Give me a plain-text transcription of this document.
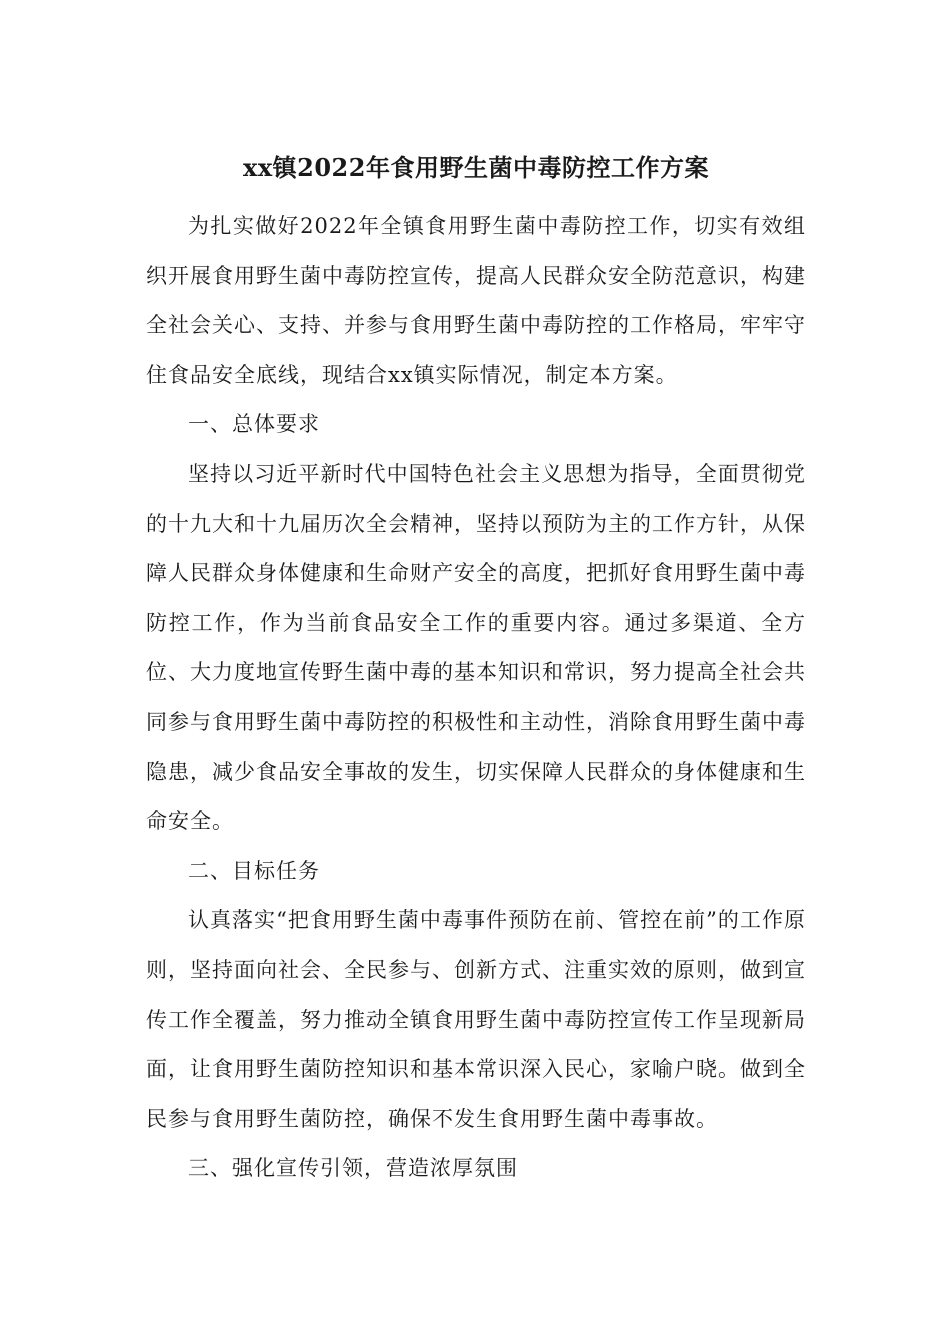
xx镇2022年食用野生菌中毒防控工作方案

为扎实做好2022年全镇食用野生菌中毒防控工作，切实有效组织开展食用野生菌中毒防控宣传，提高人民群众安全防范意识，构建全社会关心、支持、并参与食用野生菌中毒防控的工作格局，牢牢守住食品安全底线，现结合xx镇实际情况，制定本方案。

一、总体要求

坚持以习近平新时代中国特色社会主义思想为指导，全面贯彻党的十九大和十九届历次全会精神，坚持以预防为主的工作方针，从保障人民群众身体健康和生命财产安全的高度，把抓好食用野生菌中毒防控工作，作为当前食品安全工作的重要内容。通过多渠道、全方位、大力度地宣传野生菌中毒的基本知识和常识，努力提高全社会共同参与食用野生菌中毒防控的积极性和主动性，消除食用野生菌中毒隐患，减少食品安全事故的发生，切实保障人民群众的身体健康和生命安全。

二、目标任务

认真落实“把食用野生菌中毒事件预防在前、管控在前”的工作原则，坚持面向社会、全民参与、创新方式、注重实效的原则，做到宣传工作全覆盖，努力推动全镇食用野生菌中毒防控宣传工作呈现新局面，让食用野生菌防控知识和基本常识深入民心，家喻户晓。做到全民参与食用野生菌防控，确保不发生食用野生菌中毒事故。

三、强化宣传引领，营造浓厚氛围
